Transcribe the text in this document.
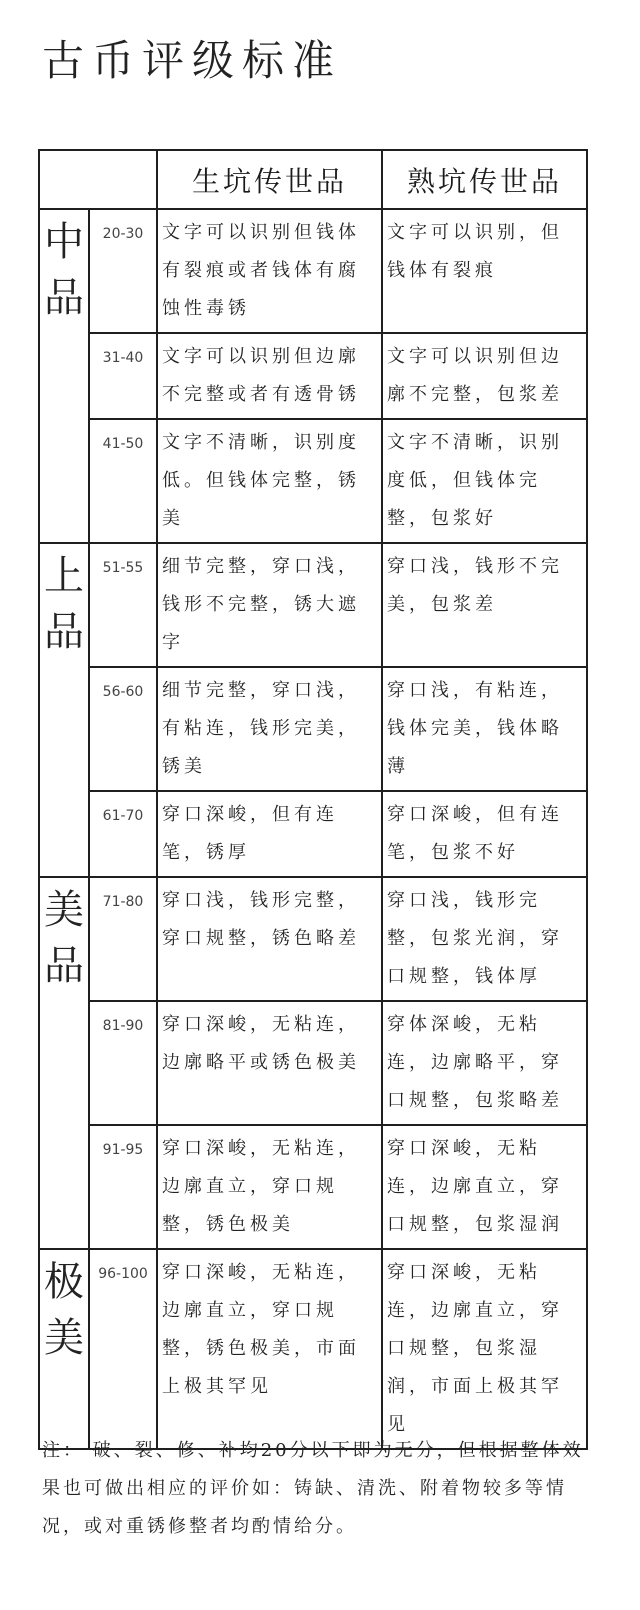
古币评级标准
		生坑传世品	熟坑传世品

中
品	20-30	文字可以识别但钱体有裂痕或者钱体有腐蚀性毒锈	文字可以识别，但钱体有裂痕
	31-40	文字可以识别但边廓不完整或者有透骨锈	文字可以识别但边廓不完整，包浆差
	41-50	文字不清晰，识别度低。但钱体完整，锈美	文字不清晰，识别度低，但钱体完整，包浆好

上
品	51-55	细节完整，穿口浅，钱形不完整，锈大遮字	穿口浅，钱形不完美，包浆差
	56-60	细节完整，穿口浅，有粘连，钱形完美，锈美	穿口浅，有粘连，钱体完美，钱体略薄
	61-70	穿口深峻，但有连笔，锈厚	穿口深峻，但有连笔，包浆不好

美
品	71-80	穿口浅，钱形完整，穿口规整，锈色略差	穿口浅，钱形完整，包浆光润，穿口规整，钱体厚
	81-90	穿口深峻，无粘连，边廓略平或锈色极美	穿体深峻，无粘连，边廓略平，穿口规整，包浆略差
	91-95	穿口深峻，无粘连，边廓直立，穿口规整，锈色极美	穿口深峻，无粘连，边廓直立，穿口规整，包浆湿润

极
美	96-100	穿口深峻，无粘连，边廓直立，穿口规整，锈色极美，市面上极其罕见	穿口深峻，无粘连，边廓直立，穿口规整，包浆湿润，市面上极其罕见
注： 破、裂、修、补均20分以下即为无分，但根据整体效果也可做出相应的评价如：铸缺、清洗、附着物较多等情况，或对重锈修整者均酌情给分。
